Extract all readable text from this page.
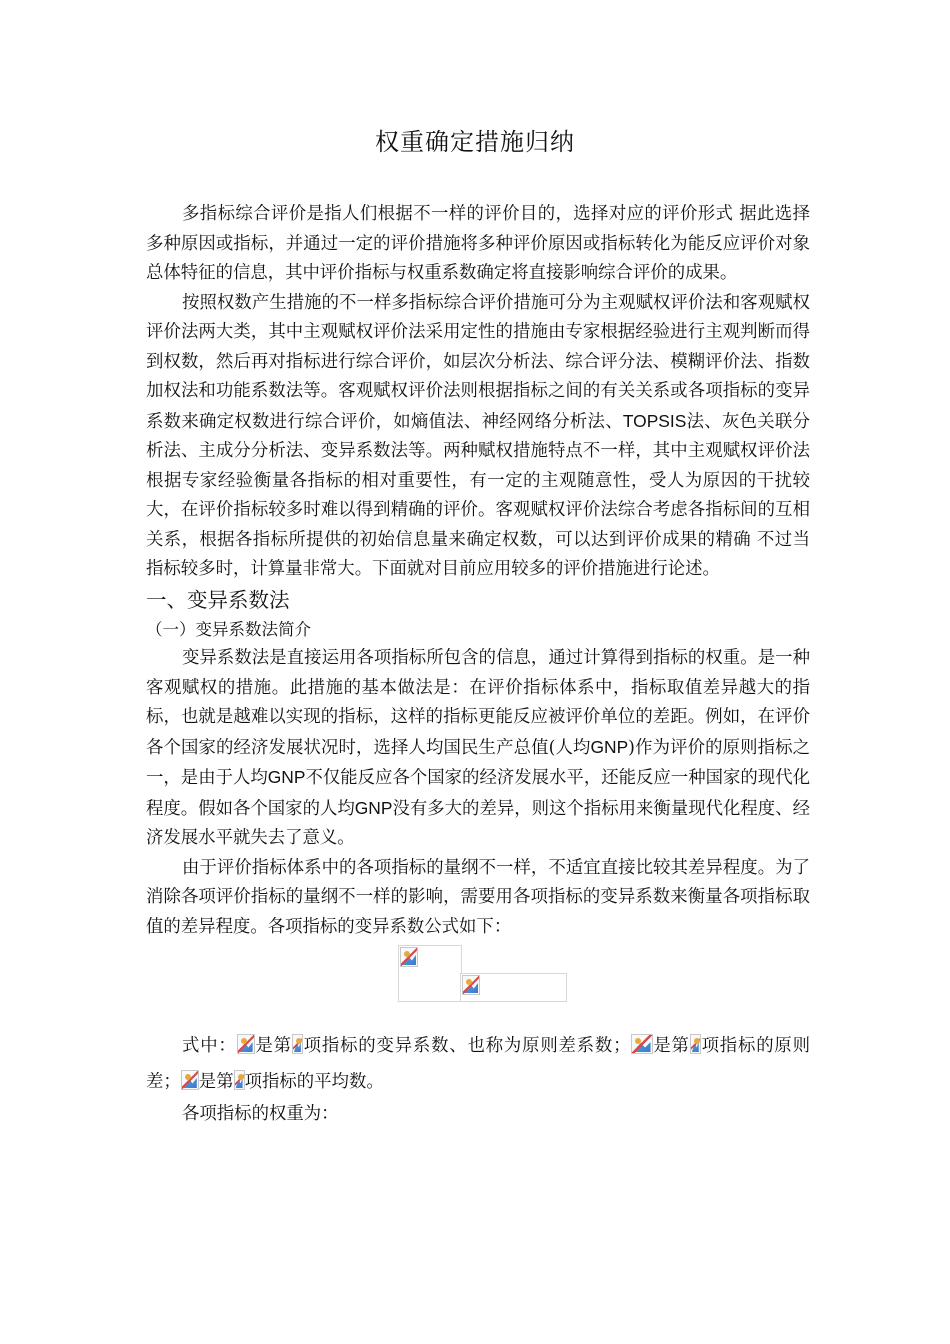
权重确定措施归纳

多指标综合评价是指人们根据不一样的评价目的，选择对应的评价形式 据此选择多种原因或指标，并通过一定的评价措施将多种评价原因或指标转化为能反应评价对象总体特征的信息，其中评价指标与权重系数确定将直接影响综合评价的成果。

按照权数产生措施的不一样多指标综合评价措施可分为主观赋权评价法和客观赋权评价法两大类，其中主观赋权评价法采用定性的措施由专家根据经验进行主观判断而得到权数，然后再对指标进行综合评价，如层次分析法、综合评分法、模糊评价法、指数加权法和功能系数法等。客观赋权评价法则根据指标之间的有关关系或各项指标的变异系数来确定权数进行综合评价，如熵值法、神经网络分析法、TOPSIS法、灰色关联分析法、主成分分析法、变异系数法等。两种赋权措施特点不一样，其中主观赋权评价法根据专家经验衡量各指标的相对重要性，有一定的主观随意性，受人为原因的干扰较大，在评价指标较多时难以得到精确的评价。客观赋权评价法综合考虑各指标间的互相关系，根据各指标所提供的初始信息量来确定权数，可以达到评价成果的精确 不过当指标较多时，计算量非常大。下面就对目前应用较多的评价措施进行论述。

一、变异系数法
（一）变异系数法简介

变异系数法是直接运用各项指标所包含的信息，通过计算得到指标的权重。是一种客观赋权的措施。此措施的基本做法是：在评价指标体系中，指标取值差异越大的指标，也就是越难以实现的指标，这样的指标更能反应被评价单位的差距。例如，在评价各个国家的经济发展状况时，选择人均国民生产总值(人均GNP)作为评价的原则指标之一，是由于人均GNP不仅能反应各个国家的经济发展水平，还能反应一种国家的现代化程度。假如各个国家的人均GNP没有多大的差异，则这个指标用来衡量现代化程度、经济发展水平就失去了意义。

由于评价指标体系中的各项指标的量纲不一样，不适宜直接比较其差异程度。为了消除各项评价指标的量纲不一样的影响，需要用各项指标的变异系数来衡量各项指标取值的差异程度。各项指标的变异系数公式如下：

式中： 是第 项指标的变异系数、也称为原则差系数； 是第 项指标的原则差； 是第 项指标的平均数。

各项指标的权重为：
